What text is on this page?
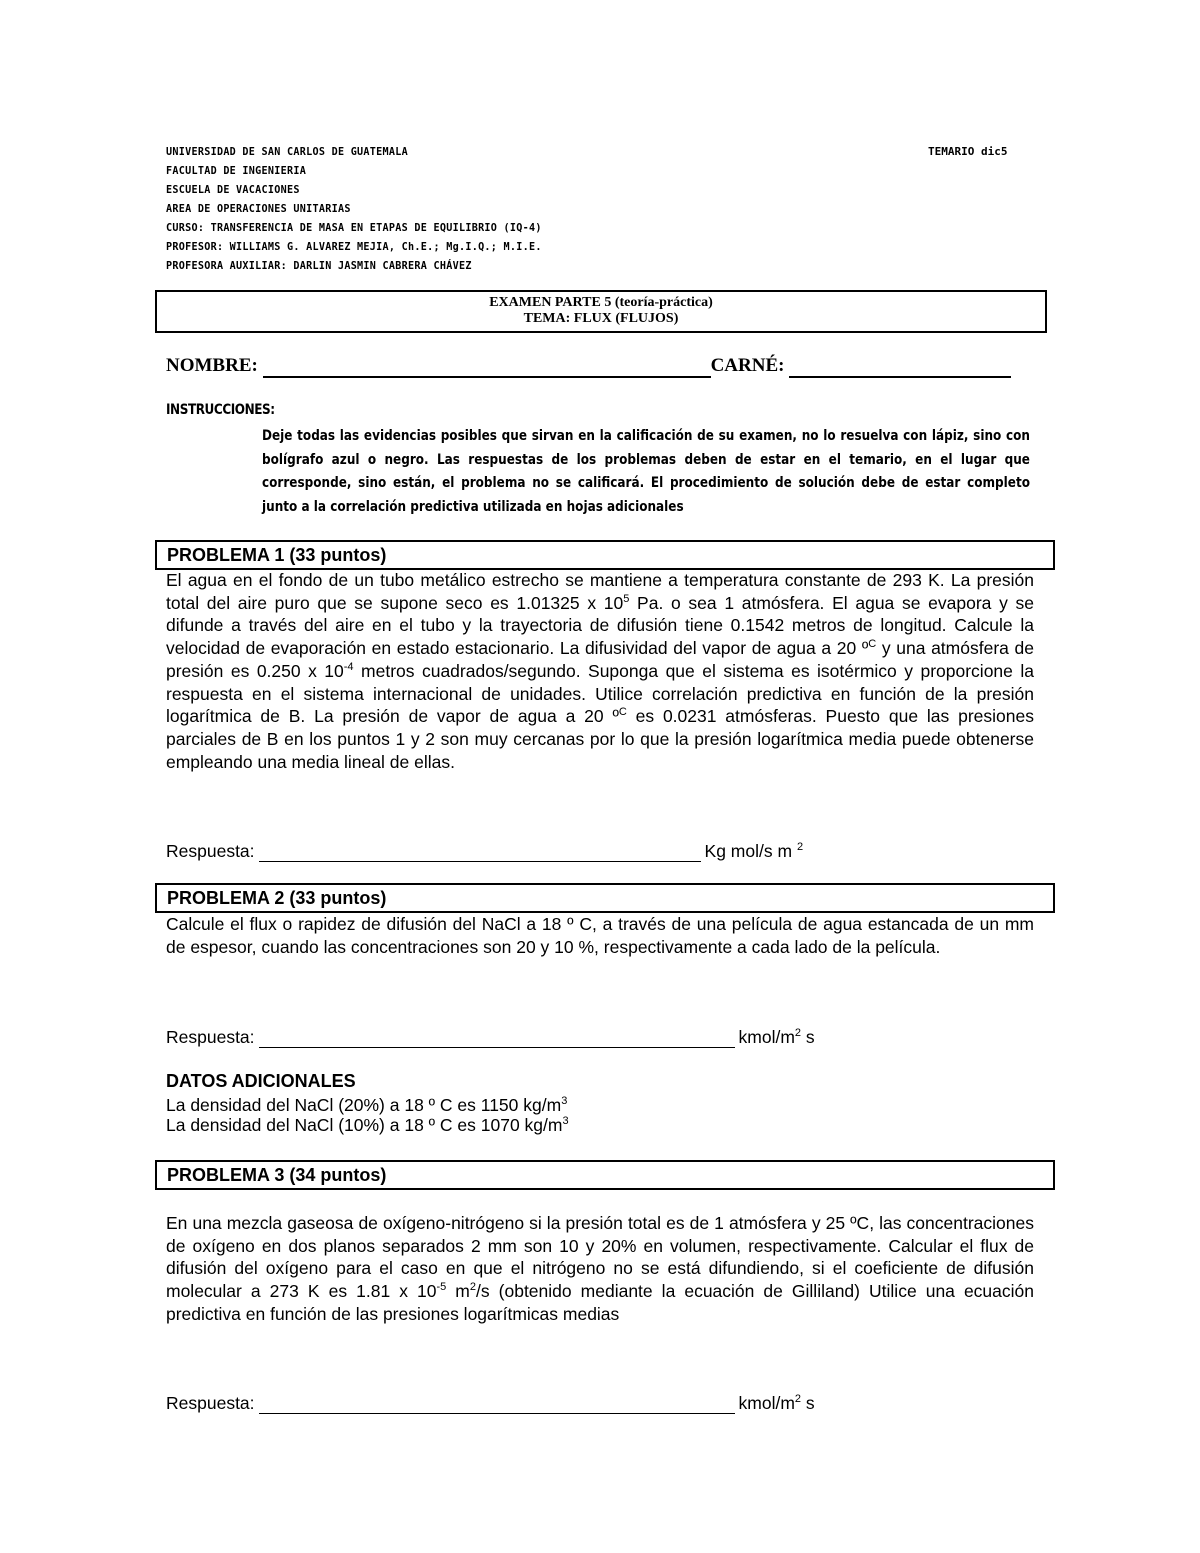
UNIVERSIDAD DE SAN CARLOS DE GUATEMALA
FACULTAD DE INGENIERIA
ESCUELA DE VACACIONES
AREA DE OPERACIONES UNITARIAS
CURSO: TRANSFERENCIA DE MASA EN ETAPAS DE EQUILIBRIO (IQ-4)
PROFESOR: WILLIAMS G. ALVAREZ MEJIA, Ch.E.; Mg.I.Q.; M.I.E.
PROFESORA AUXILIAR: DARLIN JASMIN CABRERA CHÁVEZ
TEMARIO dic5
EXAMEN PARTE 5 (teoría-práctica)
TEMA: FLUX (FLUJOS)
NOMBRE:	CARNÉ:
INSTRUCCIONES:
Deje todas las evidencias posibles que sirvan en la calificación de su examen, no lo resuelva con lápiz, sino con bolígrafo azul o negro. Las respuestas de los problemas deben de estar en el temario, en el lugar que corresponde, sino están, el problema no se calificará. El procedimiento de solución debe de estar completo junto a la correlación predictiva utilizada en hojas adicionales
PROBLEMA 1 (33 puntos)
El agua en el fondo de un tubo metálico estrecho se mantiene a temperatura constante de 293 K. La presión total del aire puro que se supone seco es 1.01325 x $10^5$ Pa. o sea 1 atmósfera. El agua se evapora y se difunde a través del aire en el tubo y la trayectoria de difusión tiene 0.1542 metros de longitud. Calcule la velocidad de evaporación en estado estacionario. La difusividad del vapor de agua a 20 º$^C$ y una atmósfera de presión es 0.250 x $10^{-4}$ metros cuadrados/segundo. Suponga que el sistema es isotérmico y proporcione la respuesta en el sistema internacional de unidades. Utilice correlación predictiva en función de la presión logarítmica de B. La presión de vapor de agua a 20 º$^C$ es 0.0231 atmósferas. Puesto que las presiones parciales de B en los puntos 1 y 2 son muy cercanas por lo que la presión logarítmica media puede obtenerse empleando una media lineal de ellas.
Respuesta:	Kg mol/s m $^2$
PROBLEMA 2 (33 puntos)
Calcule el flux o rapidez de difusión del NaCl a 18 º C, a través de una película de agua estancada de un mm de espesor, cuando las concentraciones son 20 y 10 %, respectivamente a cada lado de la película.
Respuesta:	kmol/$m^2$ s
DATOS ADICIONALES
La densidad del NaCl (20%) a 18 º C es 1150 $kg/m^3$
La densidad del NaCl (10%) a 18 º C es 1070 $kg/m^3$
PROBLEMA 3 (34 puntos)
En una mezcla gaseosa de oxígeno-nitrógeno si la presión total es de 1 atmósfera y 25 ºC, las concentraciones de oxígeno en dos planos separados 2 mm son 10 y 20% en volumen, respectivamente. Calcular el flux de difusión del oxígeno para el caso en que el nitrógeno no se está difundiendo, si el coeficiente de difusión molecular a 273 K es 1.81 x $10^{-5}$ $m^2/s$ (obtenido mediante la ecuación de Gilliland) Utilice una ecuación predictiva en función de las presiones logarítmicas medias
Respuesta:	kmol/$m^2$ s
